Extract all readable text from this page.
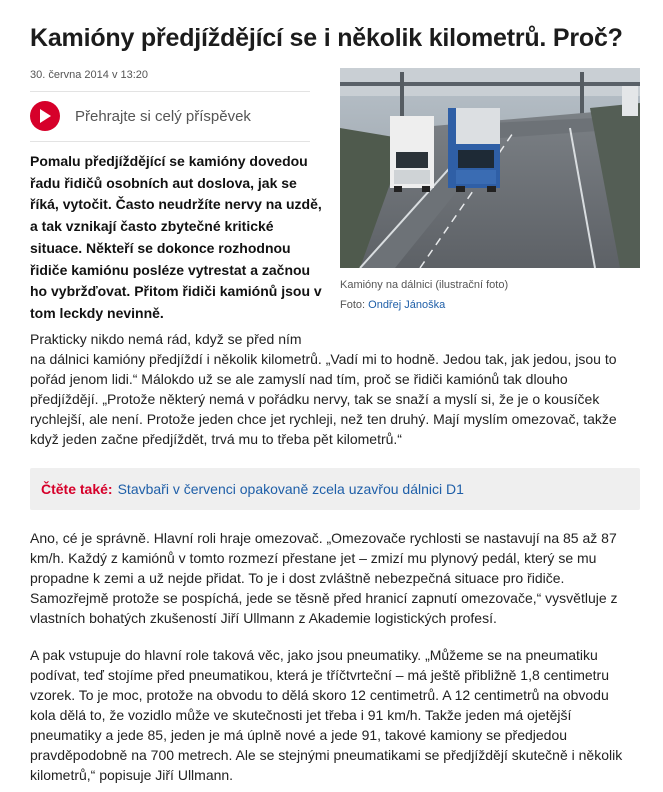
Kamióny předjíždějící se i několik kilometrů. Proč?
30. června 2014 v 13:20
Přehrajte si celý příspěvek
Pomalu předjíždějící se kamióny dovedou řadu řidičů osobních aut doslova, jak se říká, vytočit. Často neudržíte nervy na uzdě, a tak vznikají často zbytečné kritické situace. Někteří se dokonce rozhodnou řidiče kamiónu posléze vytrestat a začnou ho vybržďovat. Přitom řidiči kamiónů jsou v tom leckdy nevinně.
Kamióny na dálnici (ilustrační foto)
Foto: Ondřej Jánoška

Prakticky nikdo nemá rád, když se před ním
na dálnici kamióny předjíždí i několik kilometrů. „Vadí mi to hodně. Jedou tak, jak jedou, jsou to pořád jenom lidi.“ Málokdo už se ale zamyslí nad tím, proč se řidiči kamiónů tak dlouho předjíždějí. „Protože některý nemá v pořádku nervy, tak se snaží a myslí si, že je o kousíček rychlejší, ale není. Protože jeden chce jet rychleji, než ten druhý. Mají myslím omezovač, takže když jeden začne předjíždět, trvá mu to třeba pět kilometrů.“

Čtěte také: Stavbaři v červenci opakovaně zcela uzavřou dálnici D1

Ano, cé je správně. Hlavní roli hraje omezovač. „Omezovače rychlosti se nastavují na 85 až 87 km/h. Každý z kamiónů v tomto rozmezí přestane jet – zmizí mu plynový pedál, který se mu propadne k zemi a už nejde přidat. To je i dost zvláštně nebezpečná situace pro řidiče. Samozřejmě protože se pospíchá, jede se těsně před hranicí zapnutí omezovače,“ vysvětluje z vlastních bohatých zkušeností Jiří Ullmann z Akademie logistických profesí.

A pak vstupuje do hlavní role taková věc, jako jsou pneumatiky. „Můžeme se na pneumatiku podívat, teď stojíme před pneumatikou, která je tříčtvrteční – má ještě přibližně 1,8 centimetru vzorek. To je moc, protože na obvodu to dělá skoro 12 centimetrů. A 12 centimetrů na obvodu kola dělá to, že vozidlo může ve skutečnosti jet třeba i 91 km/h. Takže jeden má ojetější pneumatiky a jede 85, jeden je má úplně nové a jede 91, takové kamiony se předjedou pravděpodobně na 700 metrech. Ale se stejnými pneumatikami se předjíždějí skutečně i několik kilometrů,“ popisuje Jiří Ullmann.
